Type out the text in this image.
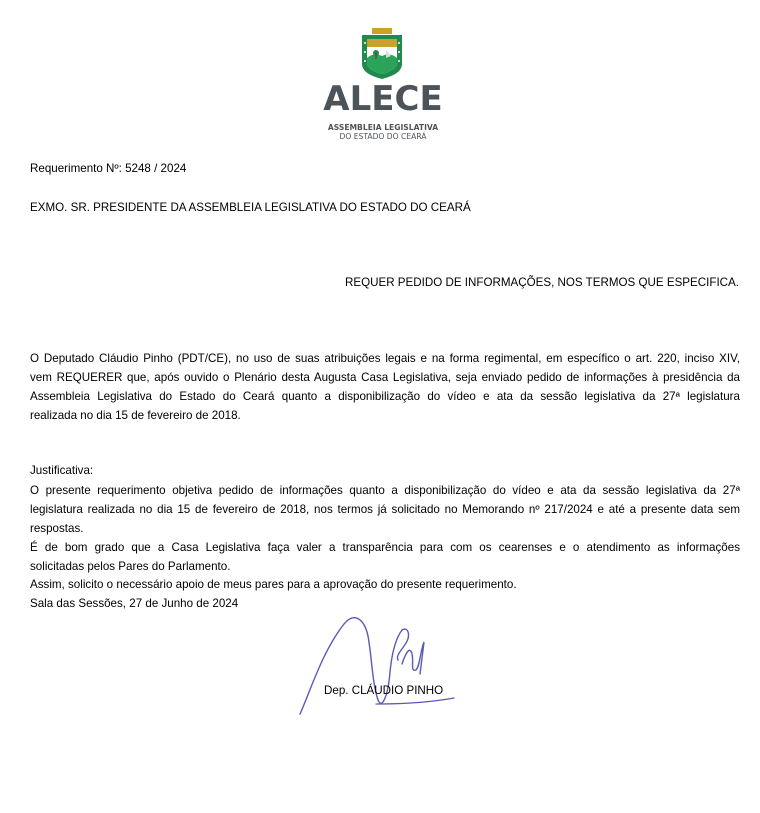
ALECE
ASSEMBLEIA LEGISLATIVA
DO ESTADO DO CEARÁ
Requerimento Nº: 5248 / 2024
EXMO. SR. PRESIDENTE DA ASSEMBLEIA LEGISLATIVA DO ESTADO DO CEARÁ
REQUER PEDIDO DE INFORMAÇÕES, NOS TERMOS QUE ESPECIFICA.
O Deputado Cláudio Pinho (PDT/CE), no uso de suas atribuições legais e na forma regimental, em específico o art. 220, inciso XIV,
vem REQUERER que, após ouvido o Plenário desta Augusta Casa Legislativa, seja enviado pedido de informações à presidência da
Assembleia Legislativa do Estado do Ceará quanto a disponibilização do vídeo e ata da sessão legislativa da 27ª legislatura
realizada no dia 15 de fevereiro de 2018.
Justificativa:
O presente requerimento objetiva pedido de informações quanto a disponibilização do vídeo e ata da sessão legislativa da 27ª
legislatura realizada no dia 15 de fevereiro de 2018, nos termos já solicitado no Memorando nº 217/2024 e até a presente data sem
respostas.
É de bom grado que a Casa Legislativa faça valer a transparência para com os cearenses e o atendimento as informações
solicitadas pelos Pares do Parlamento.
Assim, solicito o necessário apoio de meus pares para a aprovação do presente requerimento.
Sala das Sessões, 27 de Junho de 2024
Dep. CLÁUDIO PINHO
